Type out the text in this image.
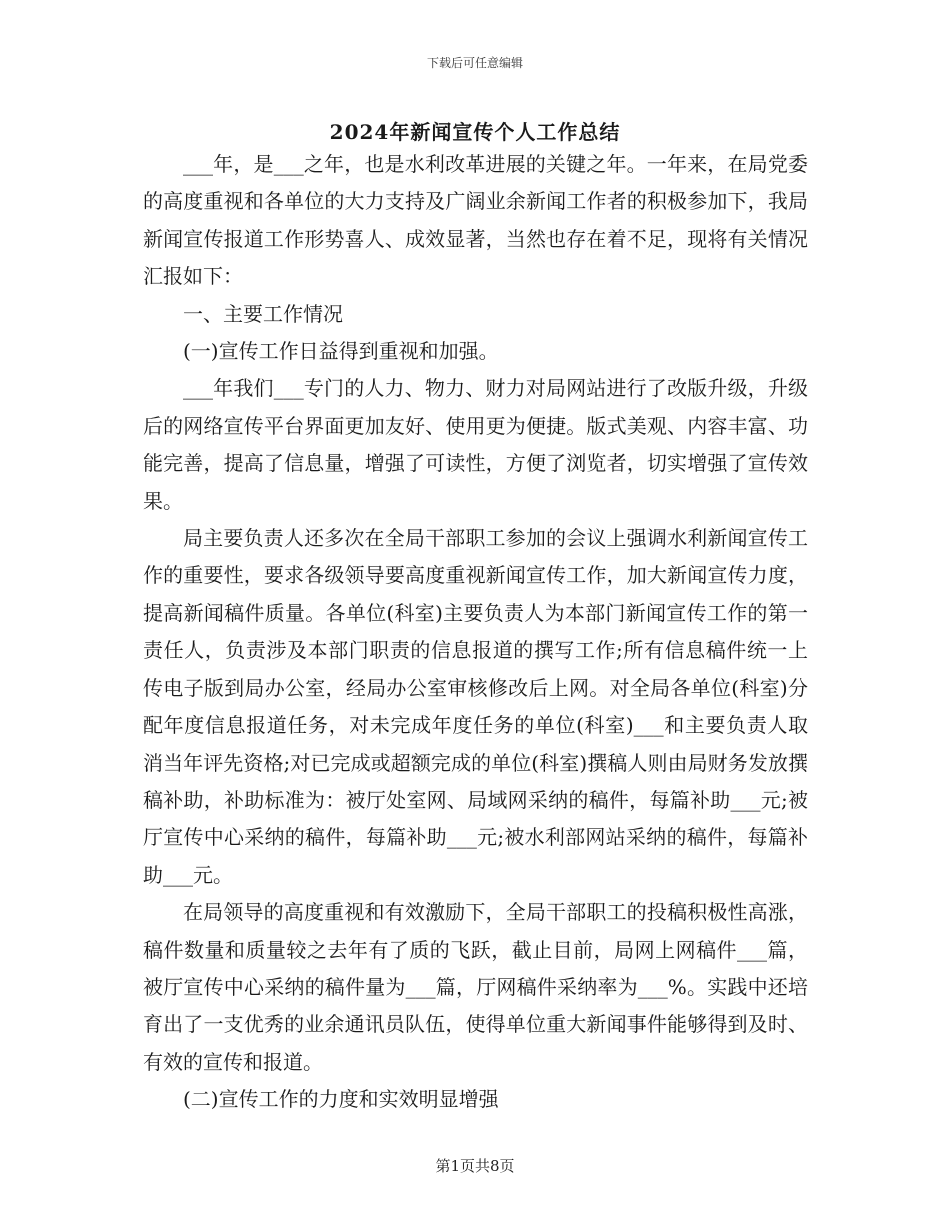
下载后可任意编辑
2024年新闻宣传个人工作总结

___年，是___之年，也是水利改革进展的关键之年。一年来，在局党委的高度重视和各单位的大力支持及广阔业余新闻工作者的积极参加下，我局新闻宣传报道工作形势喜人、成效显著，当然也存在着不足，现将有关情况汇报如下：

一、主要工作情况

(一)宣传工作日益得到重视和加强。

___年我们___专门的人力、物力、财力对局网站进行了改版升级，升级后的网络宣传平台界面更加友好、使用更为便捷。版式美观、内容丰富、功能完善，提高了信息量，增强了可读性，方便了浏览者，切实增强了宣传效果。

局主要负责人还多次在全局干部职工参加的会议上强调水利新闻宣传工作的重要性，要求各级领导要高度重视新闻宣传工作，加大新闻宣传力度，提高新闻稿件质量。各单位(科室)主要负责人为本部门新闻宣传工作的第一责任人，负责涉及本部门职责的信息报道的撰写工作;所有信息稿件统一上传电子版到局办公室，经局办公室审核修改后上网。对全局各单位(科室)分配年度信息报道任务，对未完成年度任务的单位(科室)___和主要负责人取消当年评先资格;对已完成或超额完成的单位(科室)撰稿人则由局财务发放撰稿补助，补助标准为：被厅处室网、局域网采纳的稿件，每篇补助___元;被厅宣传中心采纳的稿件，每篇补助___元;被水利部网站采纳的稿件，每篇补助___元。

在局领导的高度重视和有效激励下，全局干部职工的投稿积极性高涨，稿件数量和质量较之去年有了质的飞跃，截止目前，局网上网稿件___篇，被厅宣传中心采纳的稿件量为___篇，厅网稿件采纳率为___%。实践中还培育出了一支优秀的业余通讯员队伍，使得单位重大新闻事件能够得到及时、有效的宣传和报道。

(二)宣传工作的力度和实效明显增强

第1页共8页
